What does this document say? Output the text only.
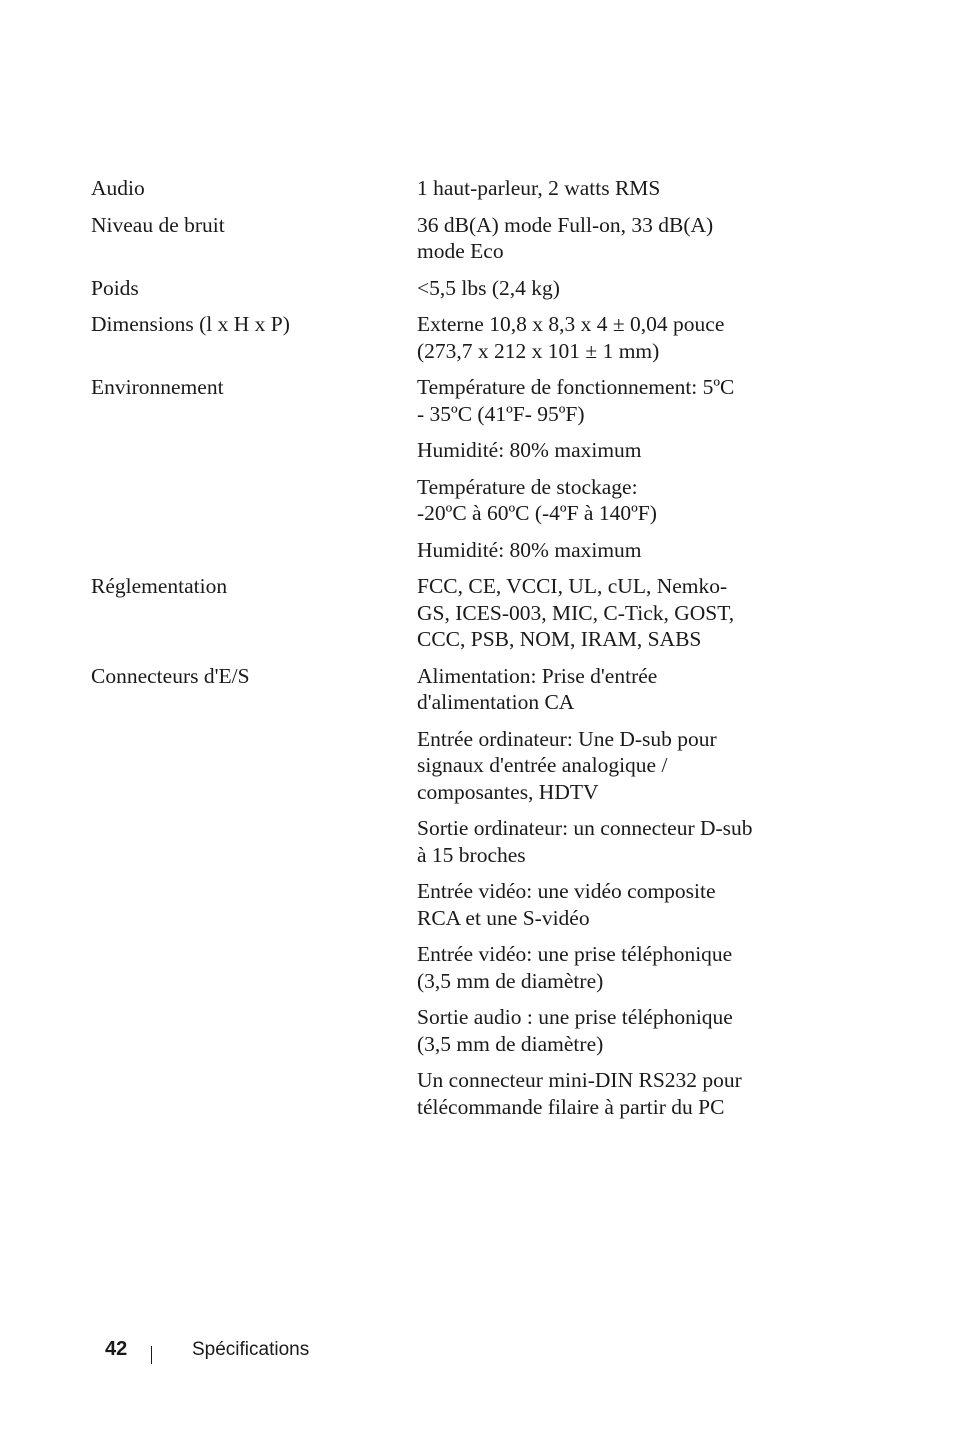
Audio	1 haut-parleur, 2 watts RMS
Niveau de bruit	36 dB(A) mode Full-on, 33 dB(A)
mode Eco
Poids	<5,5 lbs (2,4 kg)
Dimensions (l x H x P)	Externe 10,8 x 8,3 x 4 ± 0,04 pouce
(273,7 x 212 x 101 ± 1 mm)
Environnement	Température de fonctionnement: 5ºC
- 35ºC (41ºF- 95ºF)
Humidité: 80% maximum
Température de stockage:
-20ºC à 60ºC (-4ºF à 140ºF)
Humidité: 80% maximum
Réglementation	FCC, CE, VCCI, UL, cUL, Nemko-
GS, ICES-003, MIC, C-Tick, GOST,
CCC, PSB, NOM, IRAM, SABS
Connecteurs d'E/S	Alimentation: Prise d'entrée
d'alimentation CA
Entrée ordinateur: Une D-sub pour
signaux d'entrée analogique /
composantes, HDTV
Sortie ordinateur: un connecteur D-sub
à 15 broches
Entrée vidéo: une vidéo composite
RCA et une S-vidéo
Entrée vidéo: une prise téléphonique
(3,5 mm de diamètre)
Sortie audio : une prise téléphonique
(3,5 mm de diamètre)
Un connecteur mini-DIN RS232 pour
télécommande filaire à partir du PC
42	Spécifications
